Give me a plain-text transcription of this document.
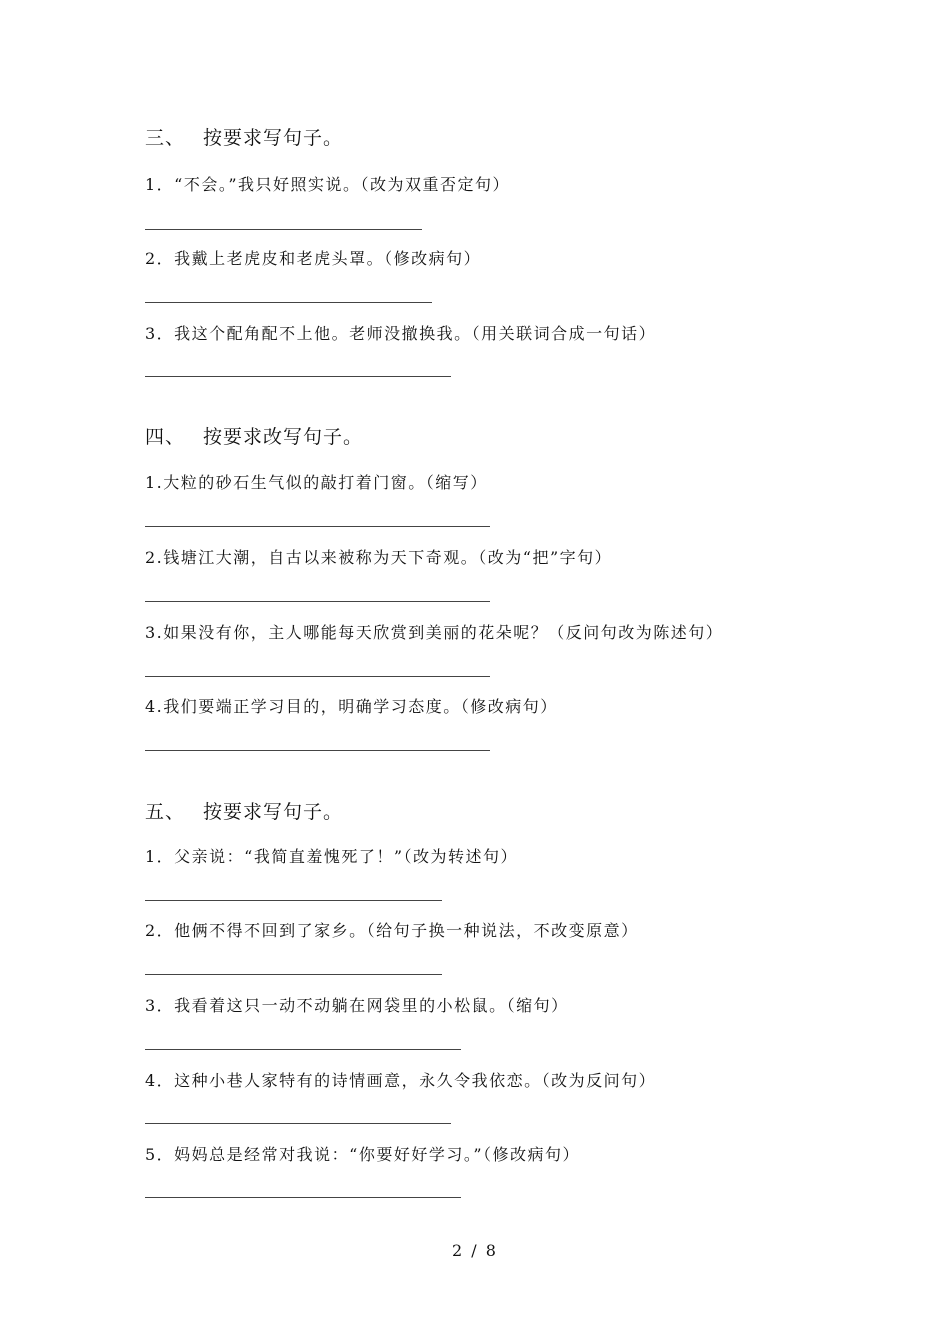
三、 按要求写句子。
1．“不会。”我只好照实说。（改为双重否定句）
2．我戴上老虎皮和老虎头罩。（修改病句）
3．我这个配角配不上他。老师没撤换我。（用关联词合成一句话）
四、 按要求改写句子。
1.大粒的砂石生气似的敲打着门窗。（缩写）
2.钱塘江大潮，自古以来被称为天下奇观。（改为“把”字句）
3.如果没有你，主人哪能每天欣赏到美丽的花朵呢？（反问句改为陈述句）
4.我们要端正学习目的，明确学习态度。（修改病句）
五、 按要求写句子。
1．父亲说：“我简直羞愧死了！”（改为转述句）
2．他俩不得不回到了家乡。（给句子换一种说法，不改变原意）
3．我看着这只一动不动躺在网袋里的小松鼠。（缩句）
4．这种小巷人家特有的诗情画意，永久令我依恋。（改为反问句）
5．妈妈总是经常对我说：“你要好好学习。”（修改病句）
2 / 8
